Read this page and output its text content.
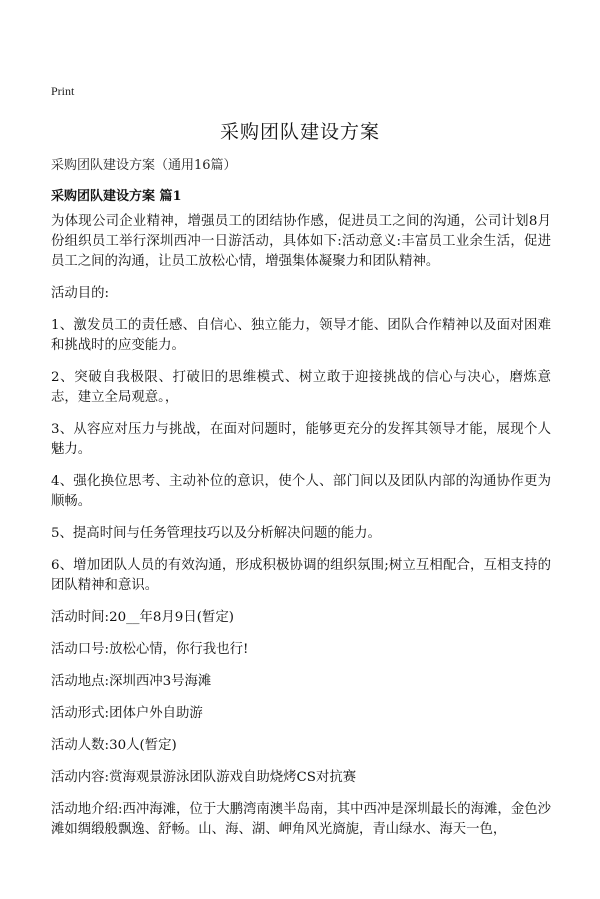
Print
采购团队建设方案
采购团队建设方案（通用16篇）
采购团队建设方案 篇1

为体现公司企业精神，增强员工的团结协作感，促进员工之间的沟通，公司计划8月份组织员工举行深圳西冲一日游活动，具体如下:活动意义:丰富员工业余生活，促进员工之间的沟通，让员工放松心情，增强集体凝聚力和团队精神。

活动目的:

1、激发员工的责任感、自信心、独立能力，领导才能、团队合作精神以及面对困难和挑战时的应变能力。

2、突破自我极限、打破旧的思维模式、树立敢于迎接挑战的信心与决心，磨炼意志，建立全局观意。，

3、从容应对压力与挑战，在面对问题时，能够更充分的发挥其领导才能，展现个人魅力。

4、强化换位思考、主动补位的意识，使个人、部门间以及团队内部的沟通协作更为顺畅。

5、提高时间与任务管理技巧以及分析解决问题的能力。

6、增加团队人员的有效沟通，形成积极协调的组织氛围;树立互相配合，互相支持的团队精神和意识。

活动时间:20__年8月9日(暂定)

活动口号:放松心情，你行我也行!

活动地点:深圳西冲3号海滩

活动形式:团体户外自助游

活动人数:30人(暂定)

活动内容:赏海观景游泳团队游戏自助烧烤CS对抗赛

活动地介绍:西冲海滩，位于大鹏湾南澳半岛南，其中西冲是深圳最长的海滩，金色沙滩如绸缎般飘逸、舒畅。山、海、湖、岬角风光旖旎，青山绿水、海天一色，
